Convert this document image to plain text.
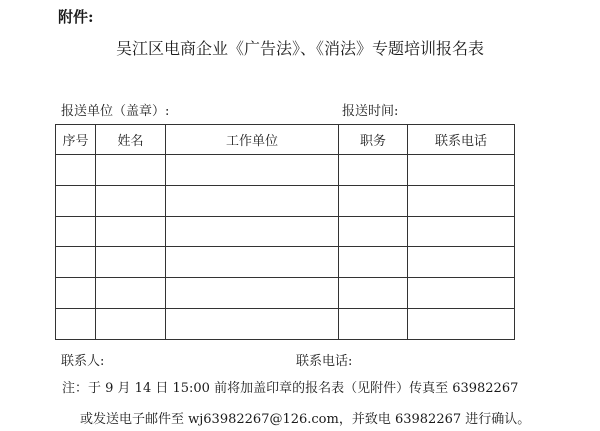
附件:
吴江区电商企业《广告法》、《消法》专题培训报名表
报送单位（盖章）:	报送时间:
序号	姓名	工作单位	职务	联系电话

联系人:	联系电话:
注：于 9 月 14 日 15:00 前将加盖印章的报名表（见附件）传真至 63982267
或发送电子邮件至 wj63982267@126.com，并致电 63982267 进行确认。
